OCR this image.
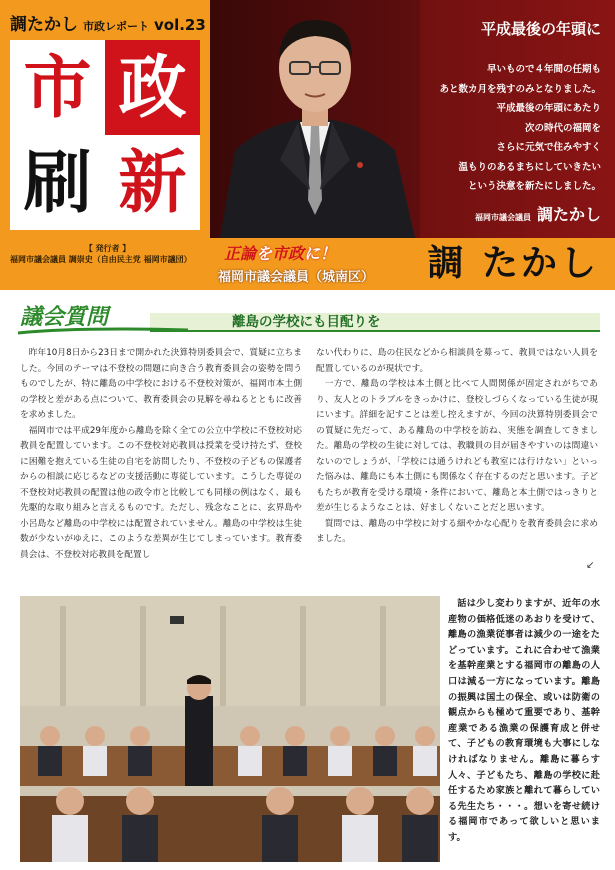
調たかし 市政レポート vol.23
市 政
刷 新
【 発行者 】
福岡市議会議員 調崇史（自由民主党 福岡市議団）
平成最後の年頭に
早いもので４年間の任期も
あと数カ月を残すのみとなりました。
平成最後の年頭にあたり
次の時代の福岡を
さらに元気で住みやすく
温もりのあるまちにしていきたい
という決意を新たにしました。
福岡市議会議員 調たかし
正論を市政に！
福岡市議会議員（城南区） 調 たかし
議会質問	離島の学校にも目配りを

昨年10月8日から23日まで開かれた決算特別委員会で、質疑に立ちました。今回のテーマは不登校の問題に向き合う教育委員会の姿勢を問うものでしたが、特に離島の中学校における不登校対策が、福岡市本土側の学校と差がある点について、教育委員会の見解を尋ねるとともに改善を求めました。

福岡市では平成29年度から離島を除く全ての公立中学校に不登校対応教員を配置しています。この不登校対応教員は授業を受け持たず、登校に困難を抱えている生徒の自宅を訪問したり、不登校の子どもの保護者からの相談に応じるなどの支援活動に専従しています。こうした専従の不登校対応教員の配置は他の政令市と比較しても同様の例はなく、最も先駆的な取り組みと言えるものです。ただし、残念なことに、玄界島や小呂島など離島の中学校には配置されていません。離島の中学校は生徒数が少ないがゆえに、このような差異が生じてしまっています。教育委員会は、不登校対応教員を配置し

ない代わりに、島の住民などから相談員を募って、教員ではない人員を配置しているのが現状です。

一方で、離島の学校は本土側と比べて人間関係が固定されがちであり、友人とのトラブルをきっかけに、登校しづらくなっている生徒が現にいます。詳細を記すことは差し控えますが、今回の決算特別委員会での質疑に先だって、ある離島の中学校を訪ね、実態を調査してきました。離島の学校の生徒に対しては、教職員の目が届きやすいのは間違いないのでしょうが、「学校には通うけれども教室には行けない」といった悩みは、離島にも本土側にも関係なく存在するのだと思います。子どもたちが教育を受ける環境・条件において、離島と本土側ではっきりと差が生じるようなことは、好ましくないことだと思います。

質問では、離島の中学校に対する細やかな心配りを教育委員会に求めました。

↙

話は少し変わりますが、近年の水産物の価格低迷のあおりを受けて、離島の漁業従事者は減少の一途をたどっています。これに合わせて漁業を基幹産業とする福岡市の離島の人口は減る一方になっています。離島の振興は国土の保全、或いは防衛の観点からも極めて重要であり、基幹産業である漁業の保護育成と併せて、子どもの教育環境も大事にしなければなりません。離島に暮らす人々、子どもたち、離島の学校に赴任するため家族と離れて暮らしている先生たち・・・。想いを寄せ続ける福岡市であって欲しいと思います。
